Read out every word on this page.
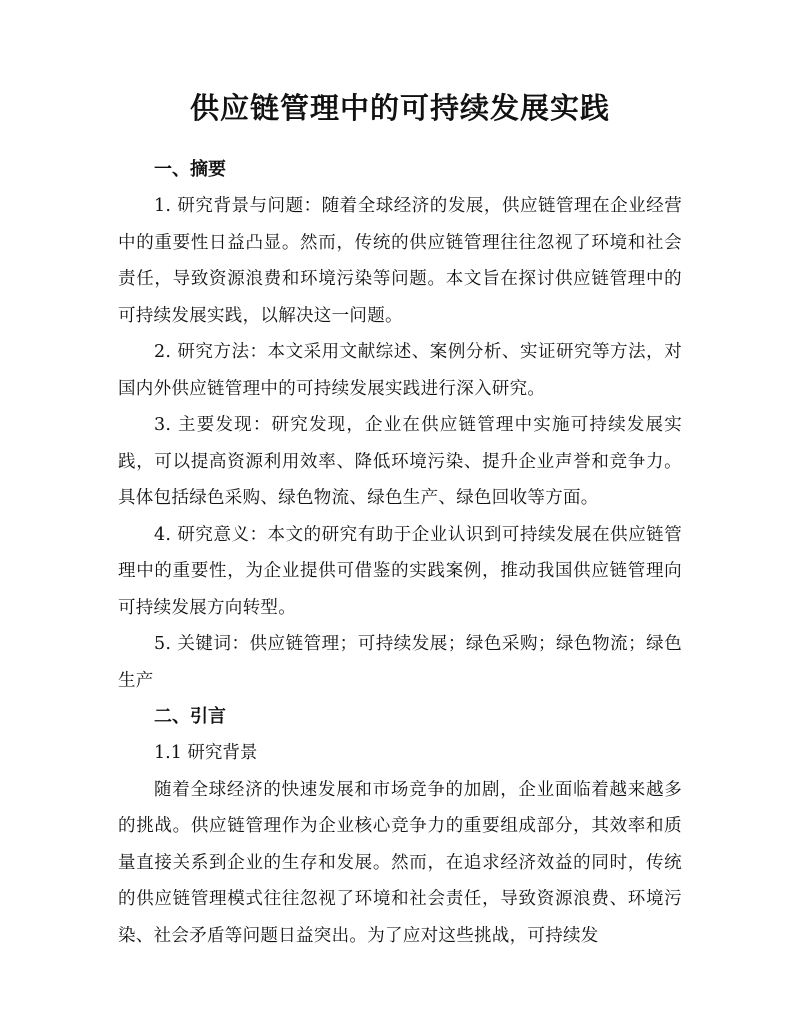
供应链管理中的可持续发展实践
一、摘要

1. 研究背景与问题：随着全球经济的发展，供应链管理在企业经营中的重要性日益凸显。然而，传统的供应链管理往往忽视了环境和社会责任，导致资源浪费和环境污染等问题。本文旨在探讨供应链管理中的可持续发展实践，以解决这一问题。

2. 研究方法：本文采用文献综述、案例分析、实证研究等方法，对国内外供应链管理中的可持续发展实践进行深入研究。

3. 主要发现：研究发现，企业在供应链管理中实施可持续发展实践，可以提高资源利用效率、降低环境污染、提升企业声誉和竞争力。具体包括绿色采购、绿色物流、绿色生产、绿色回收等方面。

4. 研究意义：本文的研究有助于企业认识到可持续发展在供应链管理中的重要性，为企业提供可借鉴的实践案例，推动我国供应链管理向可持续发展方向转型。

5. 关键词：供应链管理；可持续发展；绿色采购；绿色物流；绿色生产

二、引言

1.1 研究背景

随着全球经济的快速发展和市场竞争的加剧，企业面临着越来越多的挑战。供应链管理作为企业核心竞争力的重要组成部分，其效率和质量直接关系到企业的生存和发展。然而，在追求经济效益的同时，传统的供应链管理模式往往忽视了环境和社会责任，导致资源浪费、环境污染、社会矛盾等问题日益突出。为了应对这些挑战，可持续发
